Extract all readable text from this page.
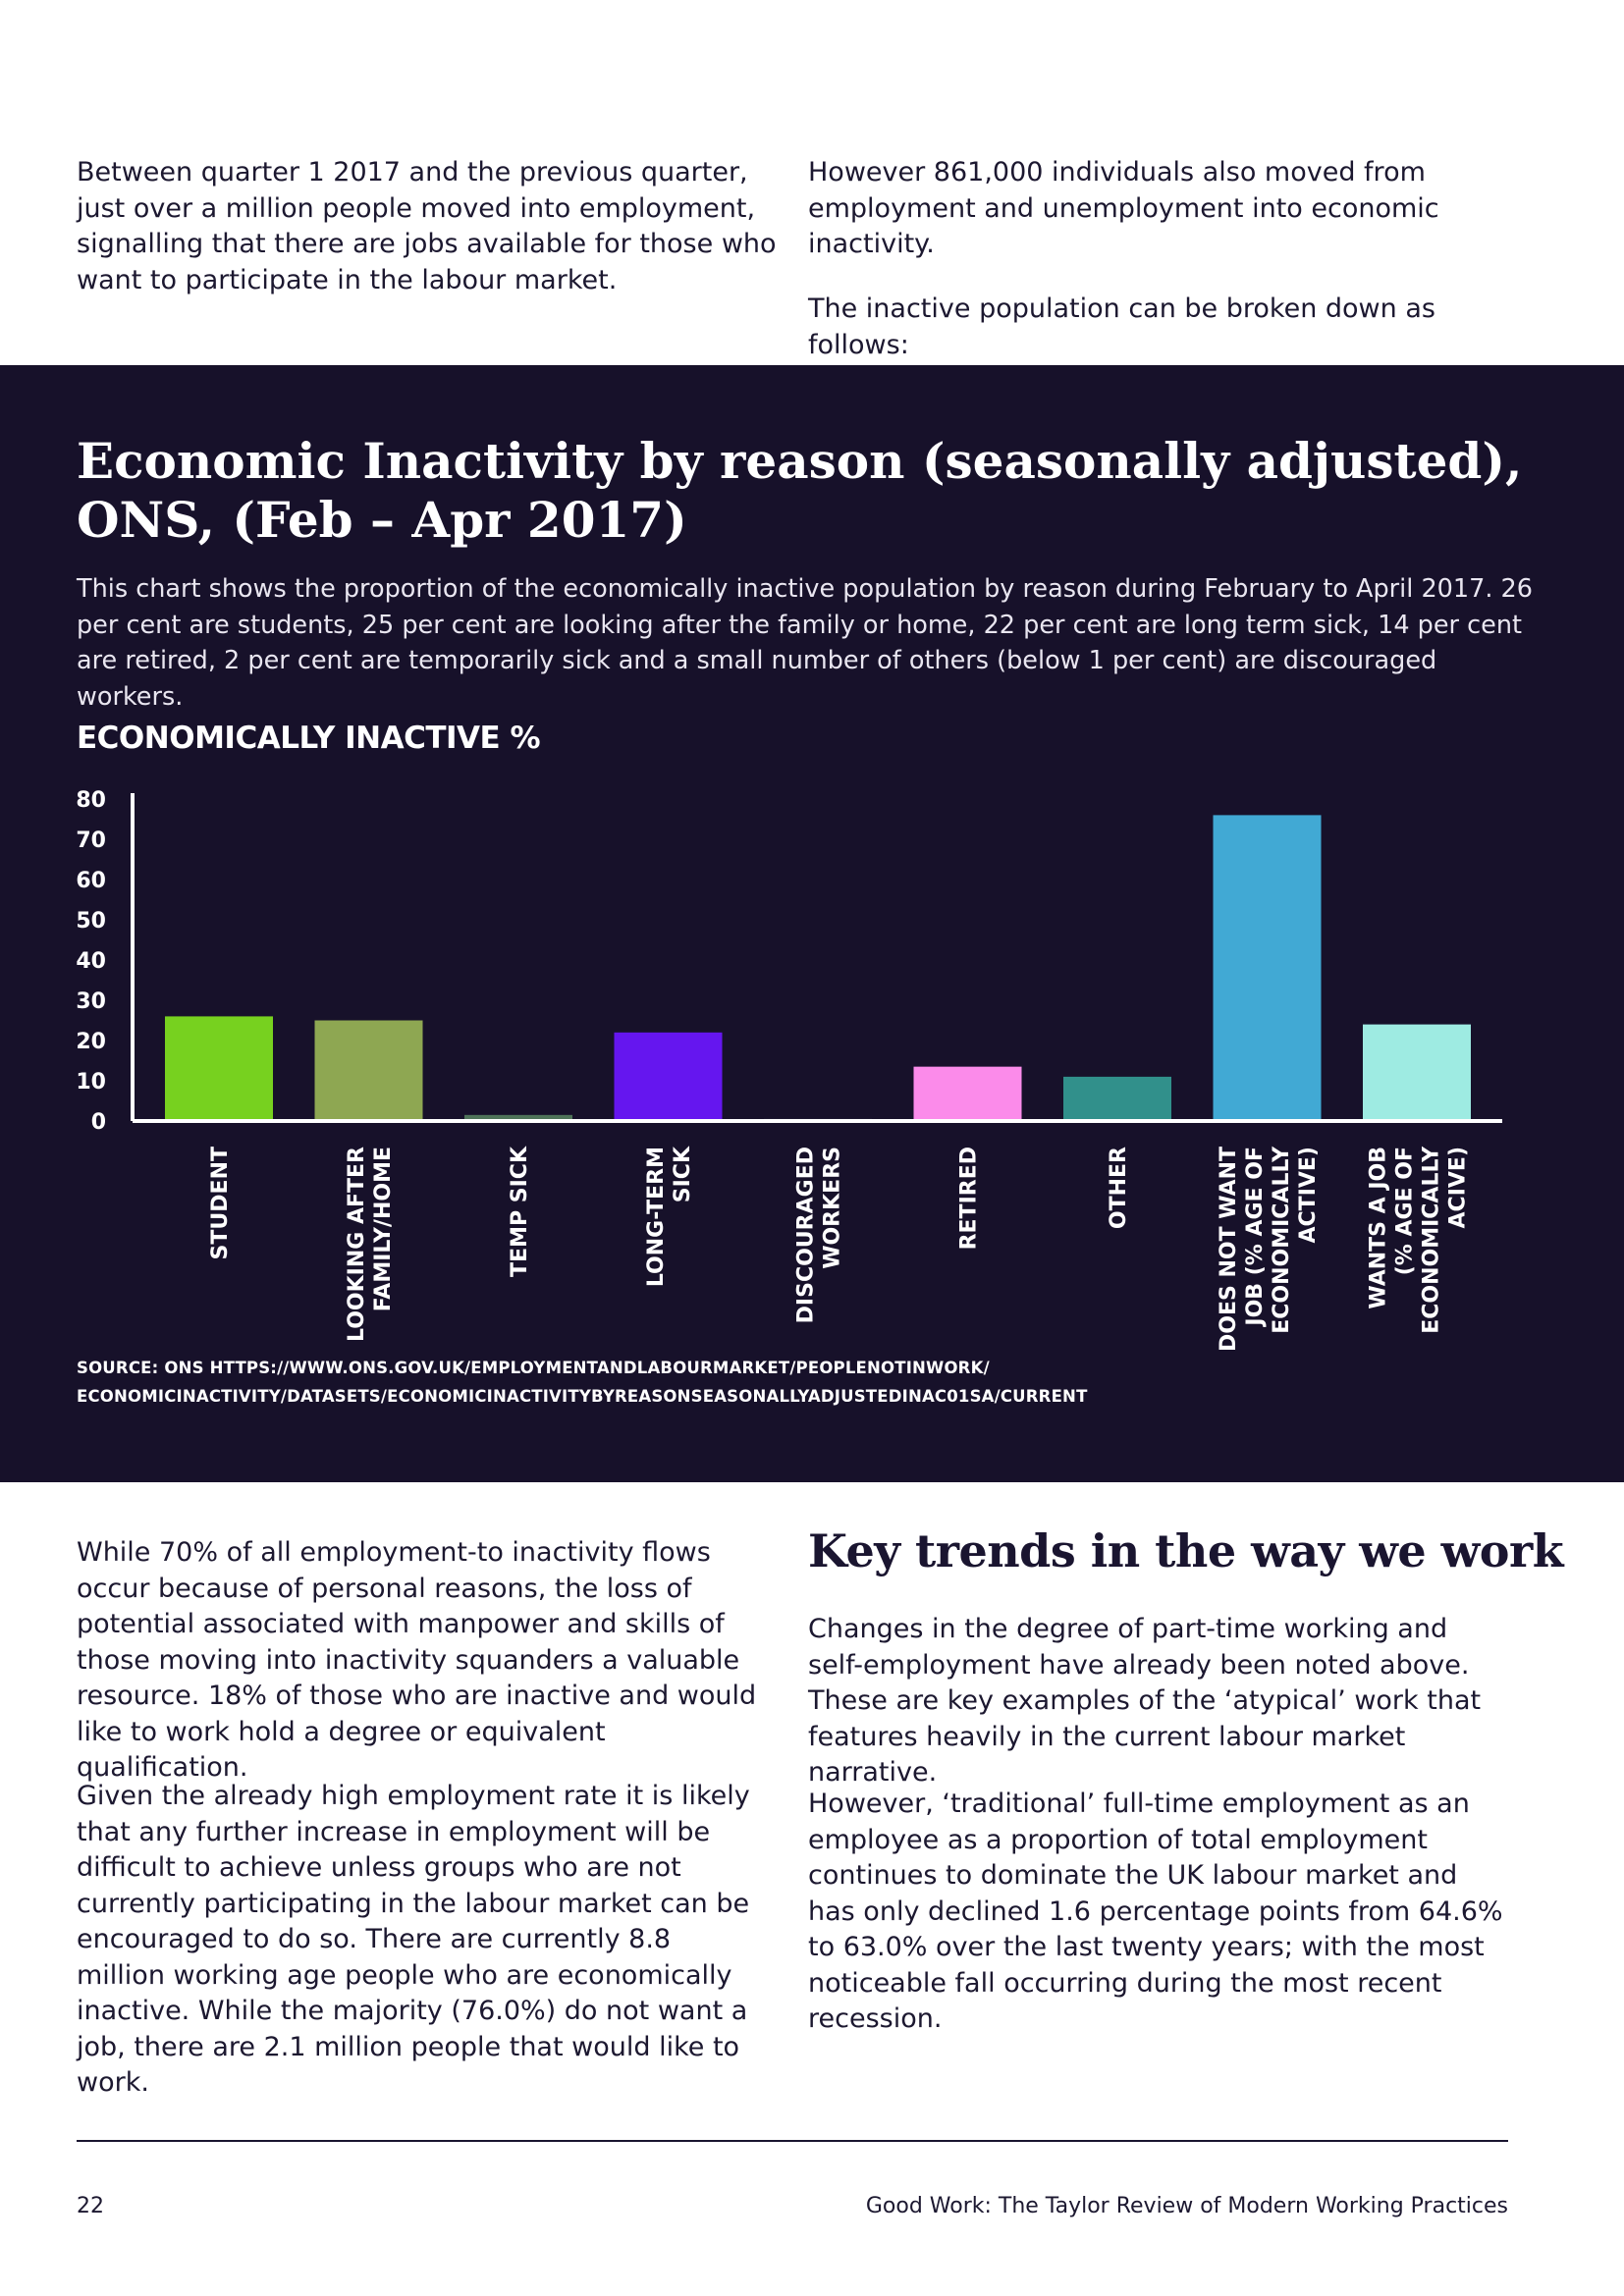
Between quarter 1 2017 and the previous quarter, just over a million people moved into employment, signalling that there are jobs available for those who want to participate in the labour market.

However 861,000 individuals also moved from employment and unemployment into economic inactivity.

The inactive population can be broken down as follows:

Economic Inactivity by reason (seasonally adjusted), ONS, (Feb – Apr 2017)

This chart shows the proportion of the economically inactive population by reason during February to April 2017. 26 per cent are students, 25 per cent are looking after the family or home, 22 per cent are long term sick, 14 per cent are retired, 2 per cent are temporarily sick and a small number of others (below 1 per cent) are discouraged workers.

ECONOMICALLY INACTIVE %

0
10
20
30
40
50
60
70
80
STUDENT	LOOKING AFTERFAMILY/HOME	TEMP SICK	LONG-TERMSICK	DISCOURAGEDWORKERS	RETIRED	OTHER	DOES NOT WANTJOB (% AGE OFECONOMICALLYACTIVE) WANTS A JOB(% AGE OFECONOMICALLYACIVE)

SOURCE: ONS HTTPS://WWW.ONS.GOV.UK/EMPLOYMENTANDLABOURMARKET/PEOPLENOTINWORK/

ECONOMICINACTIVITY/DATASETS/ECONOMICINACTIVITYBYREASONSEASONALLYADJUSTEDINAC01SA/CURRENT

While 70% of all employment-to inactivity flows occur because of personal reasons, the loss of potential associated with manpower and skills of those moving into inactivity squanders a valuable resource. 18% of those who are inactive and would like to work hold a degree or equivalent qualification.

Given the already high employment rate it is likely that any further increase in employment will be difficult to achieve unless groups who are not currently participating in the labour market can be encouraged to do so. There are currently 8.8 million working age people who are economically inactive. While the majority (76.0%) do not want a job, there are 2.1 million people that would like to work.

Key trends in the way we work

Changes in the degree of part-time working and self-employment have already been noted above. These are key examples of the ‘atypical’ work that features heavily in the current labour market narrative.

However, ‘traditional’ full-time employment as an employee as a proportion of total employment continues to dominate the UK labour market and has only declined 1.6 percentage points from 64.6% to 63.0% over the last twenty years; with the most noticeable fall occurring during the most recent recession.

22	Good Work: The Taylor Review of Modern Working Practices
